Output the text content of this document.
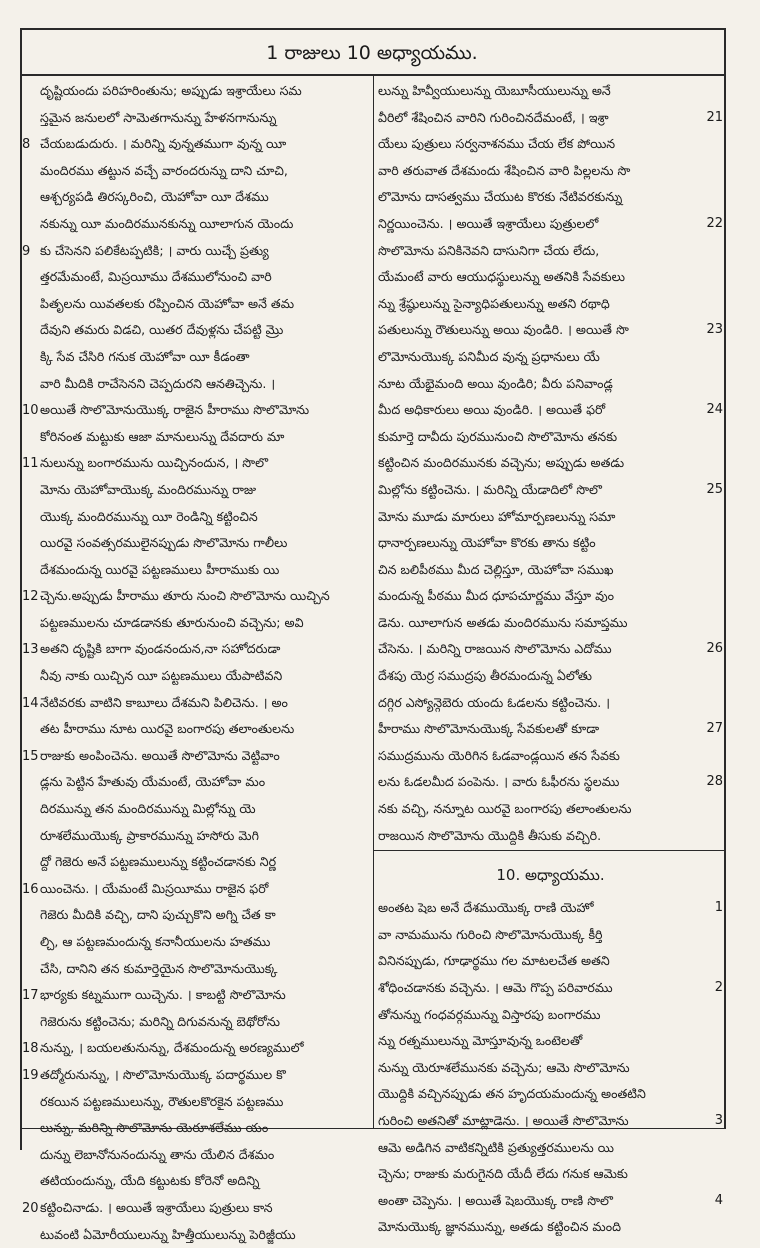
1 రాజులు 10 అధ్యాయము.
దృష్టియందు పరిహరింతును; అప్పుడు ఇశ్రాయేలు సమ
స్తమైన జనులలో సామెతగానున్ను హేళనగానున్ను
8 చేయబడుదురు. । మరిన్ని వున్నతముగా వున్న యీ
మందిరము తట్టున వచ్చే వారందరున్ను దాని చూచి,
ఆశ్చర్యపడి తిరస్కరించి, యెహోవా యీ దేశము
నకున్ను యీ మందిరమునకున్ను యీలాగున యెందు
9 కు చేసెనని పలికేటప్పటికి; । వారు యిచ్చే ప్రత్యు
త్తరమేమంటే, మిస్రయీము దేశములోనుంచి వారి
పితృలను యివతలకు రప్పించిన యెహోవా అనే తమ
దేవుని తమరు విడచి, యితర దేవుళ్లను చేపట్టి మ్రొ
క్కి సేవ చేసిరి గనుక యెహోవా యీ కీడంతా
వారి మీదికి రాచేసెనని చెప్పదురని ఆనతిచ్చెను. ।
10అయితే సొలొమోనుయొక్క రాజైన హీరాము సొలొమోను
కోరినంత మట్టుకు ఆజా మానులున్ను దేవదారు మా
11నులున్ను బంగారమును యిచ్చినందున, । సొలొ
మోను యెహోవాయొక్క మందిరమున్ను రాజు
యొక్క మందిరమున్ను యీ రెండిన్ని కట్టించిన
యిరవై సంవత్సరములైనప్పుడు సొలొమోను గాలీలు
దేశమందున్న యిరవై పట్టణములు హీరాముకు యి
12చ్చెను.అప్పుడు హీరాము తూరు నుంచి సొలొమోను యిచ్చిన
పట్టణములను చూడడానకు తూరునుంచి వచ్చెను; అవి
13అతని దృష్టికి బాగా వుండనందున,నా సహోదరుడా
నీవు నాకు యిచ్చిన యీ పట్టణములు యేపాటివని
14నేటివరకు వాటిని కాబూలు దేశమని పిలిచెను. । అం
తట హీరాము నూట యిరవై బంగారపు తలాంతులను
15రాజుకు అంపించెను. అయితే సొలొమోను వెట్టివాం
డ్లను పెట్టిన హేతువు యేమంటే, యెహోవా మం
దిరమున్ను తన మందిరమున్ను మిల్లోన్ను యె
రూశలేముయొక్క ప్రాకారమున్ను హసోరు మెగి
ద్దో గెజెరు అనే పట్టణములున్ను కట్టించడానకు నిర్ణ
16యించెను. । యేమంటే మిస్రయీము రాజైన ఫరో
గెజెరు మీదికి వచ్చి, దాని పుచ్చుకొని అగ్ని చేత కా
ల్చి, ఆ పట్టణమందున్న కనానీయులను హతము
చేసి, దానిని తన కుమార్తెయైన సొలొమోనుయొక్క
17భార్యకు కట్నముగా యిచ్చెను. । కాబట్టి సొలొమోను
గెజెరును కట్టించెను; మరిన్ని దిగువనున్న బెథోరోను
18నున్ను, । బయలతునున్ను, దేశమందున్న అరణ్యములో
19తద్మోరునున్ను, । సొలొమోనుయొక్క పదార్థముల కొ
రకయిన పట్టణములున్ను, రౌతులకొరకైన పట్టణము
లున్ను, మరిన్ని సొలొమోను యెరూశలేము యం
దున్ను లెబానోనునందున్ను తాను యేలిన దేశమం
తటియందున్ను, యేది కట్టుటకు కోరెనో అదిన్ని
20కట్టించినాడు. । అయితే ఇశ్రాయేలు పుత్రులు కాన
టువంటి ఏమోరీయులున్ను హిత్తీయులున్ను పెరిజ్జీయు
లున్ను హివ్వీయులున్ను యెబూసీయులున్ను అనే
21
వీరిలో శేషించిన వారిని గురించినదేమంటే, । ఇశ్రా
యేలు పుత్రులు సర్వనాశనము చేయ లేక పోయిన
వారి తరువాత దేశమందు శేషించిన వారి పిల్లలను సొ
లొమోను దాసత్వము చేయుట కొరకు నేటివరకున్ను
22
నిర్ణయించెను. । అయితే ఇశ్రాయేలు పుత్రులలో
సొలొమోను పనికినెవని దాసునిగా చేయ లేదు,
యేమంటే వారు ఆయుధస్థులున్ను అతనికి సేవకులు
న్ను శ్రేష్ఠులున్ను సైన్యాధిపతులున్ను అతని రథాధి
23
పతులున్ను రౌతులున్ను అయి వుండిరి. । అయితే సొ
లొమోనుయొక్క పనిమీద వున్న ప్రధానులు యే
నూట యేభైమంది అయి వుండిరి; వీరు పనివాండ్ల
24
మీద అధికారులు అయి వుండిరి. । అయితే ఫరో
కుమార్తె దావీదు పురమునుంచి సొలొమోను తనకు
కట్టించిన మందిరమునకు వచ్చెను; అప్పుడు అతడు
25
మిల్లోను కట్టించెను. । మరిన్ని యేడాదిలో సొలొ
మోను మూడు మారులు హోమార్పణలున్ను సమా
ధానార్పణలున్ను యెహోవా కొరకు తాను కట్టిం
చిన బలిపీఠము మీద చెల్లిస్తూ, యెహోవా సముఖ
మందున్న పీఠము మీద ధూపచూర్ణము వేస్తూ వుం
డెను. యీలాగున అతడు మందిరమును సమాప్తము
26
చేసెను. । మరిన్ని రాజయిన సొలొమోను ఎదోము
దేశపు యెర్ర సముద్రపు తీరమందున్న ఏలోతు
దగ్గిర ఎస్యోన్గెబెరు యందు ఓడలను కట్టించెను. ।
27
హీరాము సొలొమోనుయొక్క సేవకులతో కూడా
సముద్రమును యెరిగిన ఓడవాండ్లయిన తన సేవకు
28
లను ఓడలమీద పంపెను. । వారు ఓఫీరను స్థలము
నకు వచ్చి, నన్నూట యిరవై బంగారపు తలాంతులను
రాజయిన సొలొమోను యొద్దికి తీసుకు వచ్చిరి.
10. అధ్యాయము.
1
అంతట షెబ అనే దేశముయొక్క రాణి యెహో
వా నామమును గురించి సొలొమోనుయొక్క కీర్తి
వినినప్పుడు, గూఢార్థము గల మాటలచేత అతని
2
శోధించడానకు వచ్చెను. । ఆమె గొప్ప పరివారము
తోనున్ను గంధవర్గమున్ను విస్తారపు బంగారము
న్ను రత్నములున్ను మోస్తూవున్న ఒంటెలతో
నున్ను యెరూశలేమునకు వచ్చెను; ఆమె సొలొమోను
యొద్దికి వచ్చినప్పుడు తన హృదయమందున్న అంతటిని
3
గురించి అతనితో మాట్లాడెను. । అయితే సొలొమోను
ఆమె అడిగిన వాటికన్నిటికి ప్రత్యుత్తరములను యి
చ్చెను; రాజుకు మరుగైనది యేదీ లేదు గనుక ఆమెకు
4
అంతా చెప్పెను. । అయితే షెబయొక్క రాణి సొలొ
మోనుయొక్క జ్ఞానమున్ను, అతడు కట్టించిన మంది
